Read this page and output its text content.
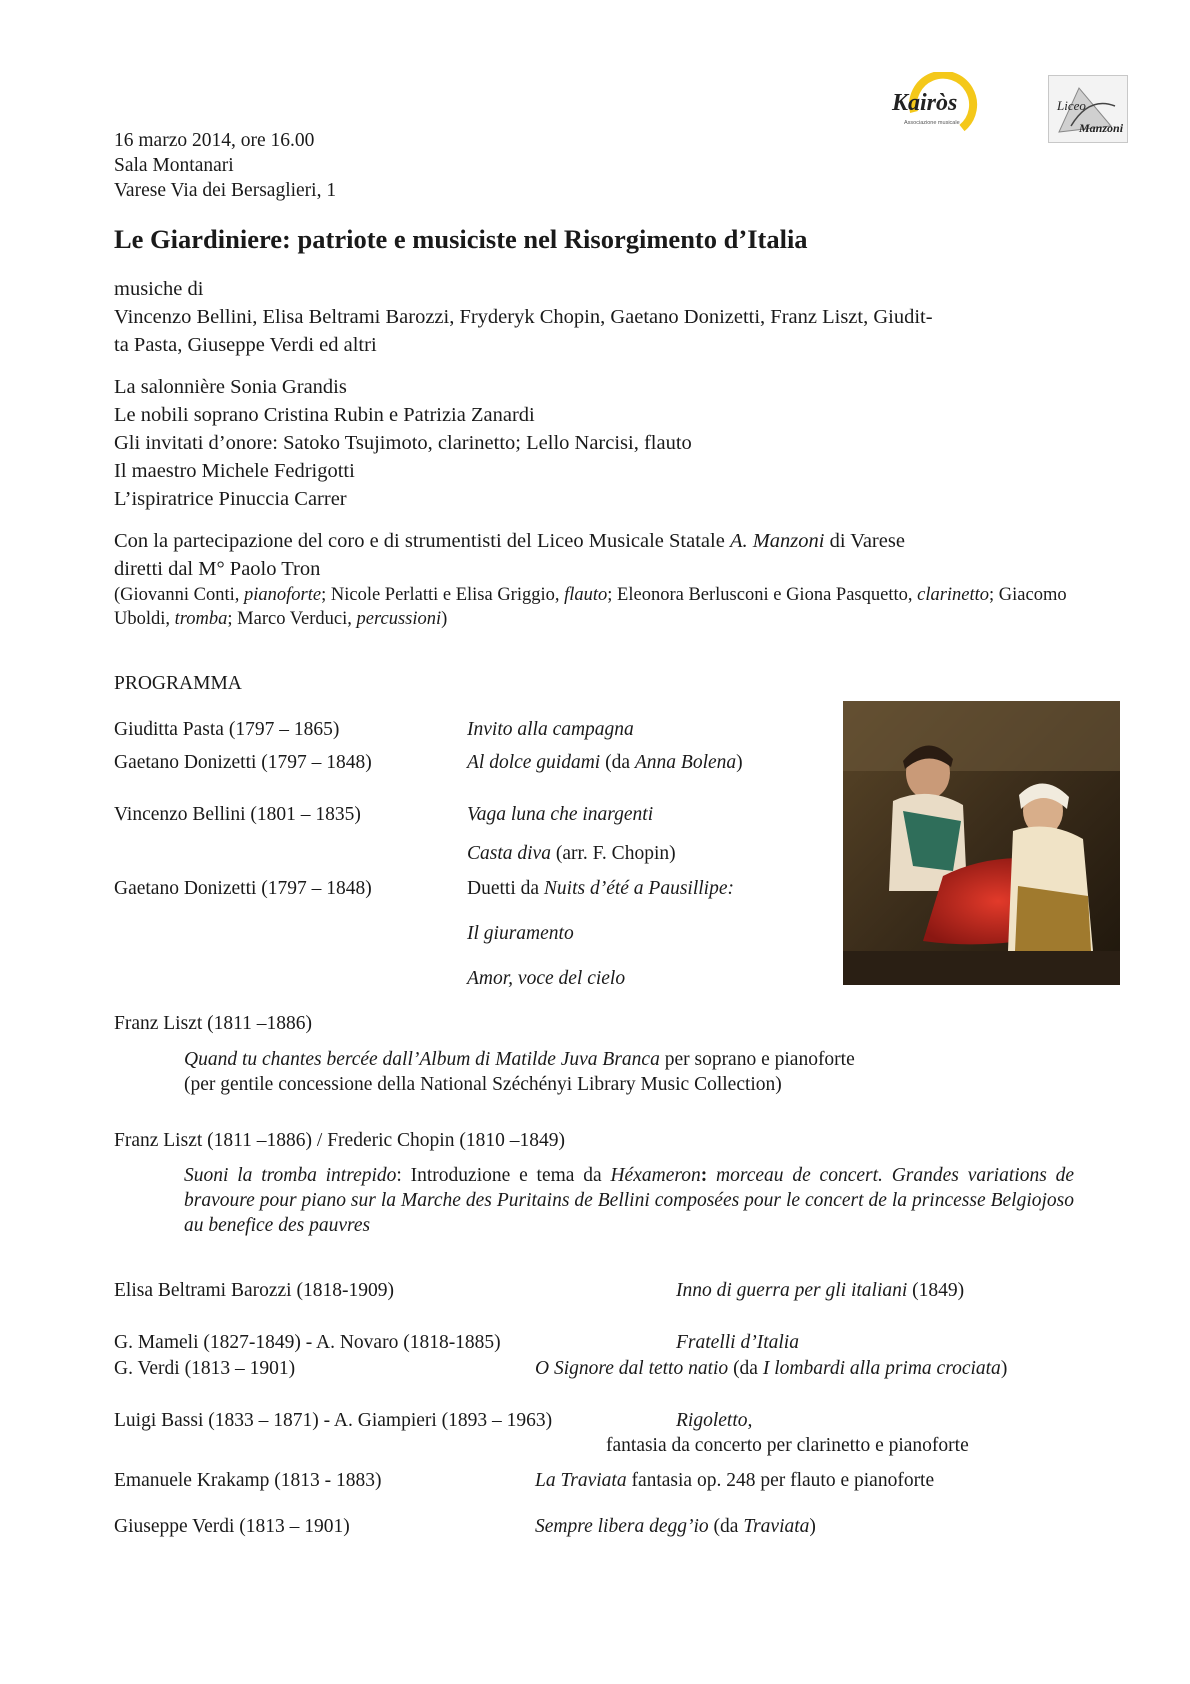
Kairòs
Associazione musicale
Liceo
Manzoni
16 marzo 2014, ore 16.00
Sala Montanari
Varese Via dei Bersaglieri, 1
Le Giardiniere: patriote e musiciste nel Risorgimento d’Italia
musiche di
Vincenzo Bellini, Elisa Beltrami Barozzi, Fryderyk Chopin, Gaetano Donizetti, Franz Liszt, Giudit-
ta Pasta, Giuseppe Verdi ed altri
La salonnière Sonia Grandis
Le nobili soprano Cristina Rubin e Patrizia Zanardi
Gli invitati d’onore: Satoko Tsujimoto, clarinetto; Lello Narcisi, flauto
Il maestro Michele Fedrigotti
L’ispiratrice Pinuccia Carrer
Con la partecipazione del coro e di strumentisti del Liceo Musicale Statale A. Manzoni di Varese
diretti dal M° Paolo Tron
(Giovanni Conti, pianoforte; Nicole Perlatti e Elisa Griggio, flauto; Eleonora Berlusconi e Giona Pasquetto, clarinetto; Giacomo Uboldi, tromba; Marco Verduci, percussioni)
PROGRAMMA
Giuditta Pasta (1797 – 1865)	Invito alla campagna
Gaetano Donizetti (1797 – 1848)	Al dolce guidami (da Anna Bolena)
Vincenzo Bellini (1801 – 1835)	Vaga luna che inargenti
Casta diva (arr. F. Chopin)
Gaetano Donizetti (1797 – 1848)	Duetti da Nuits d’été a Pausillipe:
Il giuramento
Amor, voce del cielo
Franz Liszt (1811 –1886)
Quand tu chantes bercée dall’Album di Matilde Juva Branca per soprano e pianoforte
(per gentile concessione della National Széchényi Library Music Collection)
Franz Liszt (1811 –1886) / Frederic Chopin (1810 –1849)
Suoni la tromba intrepido: Introduzione e tema da Héxameron: morceau de concert. Grandes variations de bravoure pour piano sur la Marche des Puritains de Bellini composées pour le concert de la princesse Belgiojoso au benefice des pauvres
Elisa Beltrami Barozzi (1818-1909)	Inno di guerra per gli italiani (1849)
G. Mameli (1827-1849) - A. Novaro (1818-1885)	Fratelli d’Italia
G. Verdi (1813 – 1901)	O Signore dal tetto natio (da I lombardi alla prima crociata)
Luigi Bassi (1833 – 1871) - A. Giampieri (1893 – 1963)	Rigoletto,
fantasia da concerto per clarinetto e pianoforte
Emanuele Krakamp (1813 - 1883)	La Traviata fantasia op. 248 per flauto e pianoforte
Giuseppe Verdi (1813 – 1901)	Sempre libera degg’io (da Traviata)
